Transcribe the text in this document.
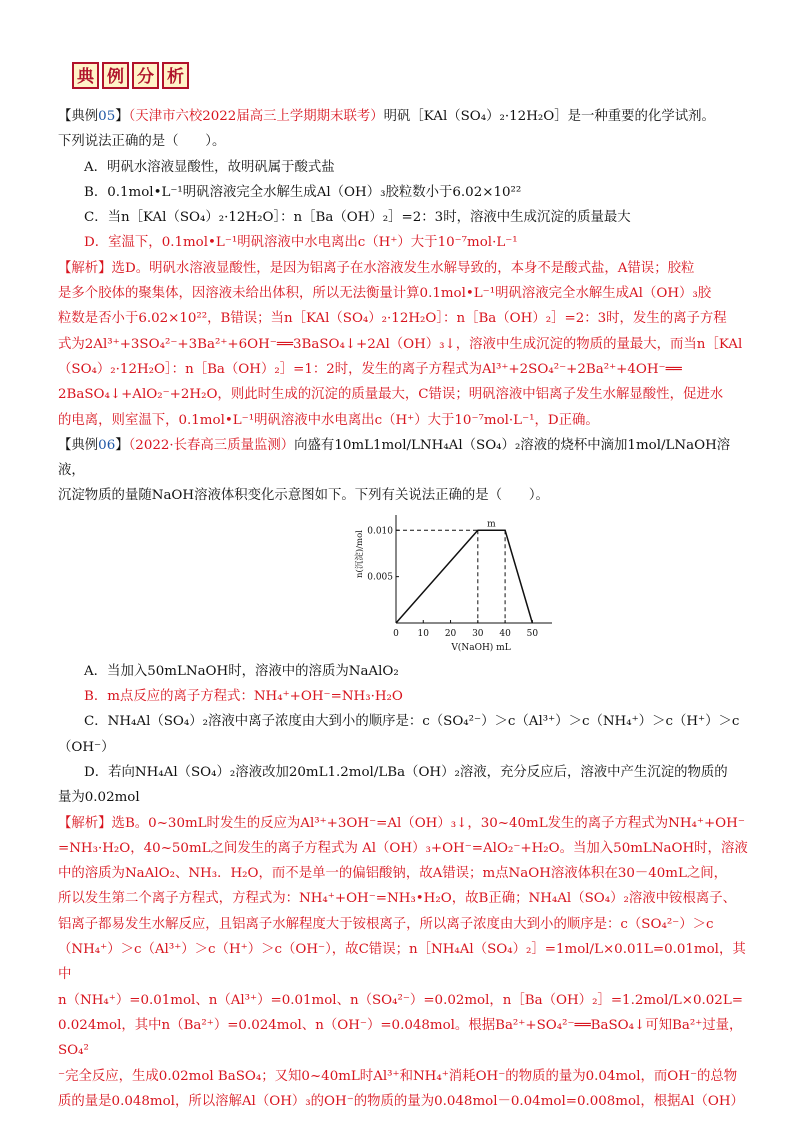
典 例 分 析

【典例05】（天津市六校2022届高三上学期期末联考）明矾［KAl（SO₄）₂·12H₂O］是一种重要的化学试剂。

下列说法正确的是（　　）。

A．明矾水溶液显酸性，故明矾属于酸式盐

B．0.1mol•L⁻¹明矾溶液完全水解生成Al（OH）₃胶粒数小于6.02×10²²

C．当n［KAl（SO₄）₂·12H₂O］：n［Ba（OH）₂］=2：3时，溶液中生成沉淀的质量最大

D．室温下，0.1mol•L⁻¹明矾溶液中水电离出c（H⁺）大于10⁻⁷mol·L⁻¹

【解析】选D。明矾水溶液显酸性，是因为铝离子在水溶液发生水解导致的，本身不是酸式盐，A错误；胶粒

是多个胶体的聚集体，因溶液未给出体积，所以无法衡量计算0.1mol•L⁻¹明矾溶液完全水解生成Al（OH）₃胶

粒数是否小于6.02×10²²，B错误；当n［KAl（SO₄）₂·12H₂O］：n［Ba（OH）₂］=2：3时，发生的离子方程

式为2Al³⁺+3SO₄²⁻+3Ba²⁺+6OH⁻══3BaSO₄↓+2Al（OH）₃↓，溶液中生成沉淀的物质的量最大，而当n［KAl

（SO₄）₂·12H₂O］：n［Ba（OH）₂］=1：2时，发生的离子方程式为Al³⁺+2SO₄²⁻+2Ba²⁺+4OH⁻══

2BaSO₄↓+AlO₂⁻+2H₂O，则此时生成的沉淀的质量最大，C错误；明矾溶液中铝离子发生水解显酸性，促进水

的电离，则室温下，0.1mol•L⁻¹明矾溶液中水电离出c（H⁺）大于10⁻⁷mol·L⁻¹，D正确。

【典例06】（2022·长春高三质量监测）向盛有10mL1mol/LNH₄Al（SO₄）₂溶液的烧杯中滴加1mol/LNaOH溶液，

沉淀物质的量随NaOH溶液体积变化示意图如下。下列有关说法正确的是（　　）。

0 10 20 30 40 50
0.005
0.010
m
V(NaOH) mL
n(沉淀)/mol

A．当加入50mLNaOH时，溶液中的溶质为NaAlO₂

B．m点反应的离子方程式：NH₄⁺+OH⁻=NH₃·H₂O

C．NH₄Al（SO₄）₂溶液中离子浓度由大到小的顺序是：c（SO₄²⁻）＞c（Al³⁺）＞c（NH₄⁺）＞c（H⁺）＞c

（OH⁻）

D．若向NH₄Al（SO₄）₂溶液改加20mL1.2mol/LBa（OH）₂溶液，充分反应后，溶液中产生沉淀的物质的

量为0.02mol

【解析】选B。0~30mL时发生的反应为Al³⁺+3OH⁻=Al（OH）₃↓，30~40mL发生的离子方程式为NH₄⁺+OH⁻

=NH₃·H₂O，40~50mL之间发生的离子方程式为 Al（OH）₃+OH⁻=AlO₂⁻+H₂O。当加入50mLNaOH时，溶液

中的溶质为NaAlO₂、NH₃．H₂O，而不是单一的偏铝酸钠，故A错误；m点NaOH溶液体积在30－40mL之间，

所以发生第二个离子方程式，方程式为：NH₄⁺+OH⁻=NH₃•H₂O，故B正确；NH₄Al（SO₄）₂溶液中铵根离子、

铝离子都易发生水解反应，且铝离子水解程度大于铵根离子，所以离子浓度由大到小的顺序是：c（SO₄²⁻）＞c

（NH₄⁺）＞c（Al³⁺）＞c（H⁺）＞c（OH⁻），故C错误；n［NH₄Al（SO₄）₂］=1mol/L×0.01L=0.01mol，其中

n（NH₄⁺）=0.01mol、n（Al³⁺）=0.01mol、n（SO₄²⁻）=0.02mol，n［Ba（OH）₂］=1.2mol/L×0.02L=

0.024mol，其中n（Ba²⁺）=0.024mol、n（OH⁻）=0.048mol。根据Ba²⁺+SO₄²⁻══BaSO₄↓可知Ba²⁺过量，SO₄²

⁻完全反应，生成0.02mol BaSO₄；又知0~40mL时Al³⁺和NH₄⁺消耗OH⁻的物质的量为0.04mol，而OH⁻的总物

质的量是0.048mol，所以溶解Al（OH）₃的OH⁻的物质的量为0.048mol－0.04mol=0.008mol，根据Al（OH）
